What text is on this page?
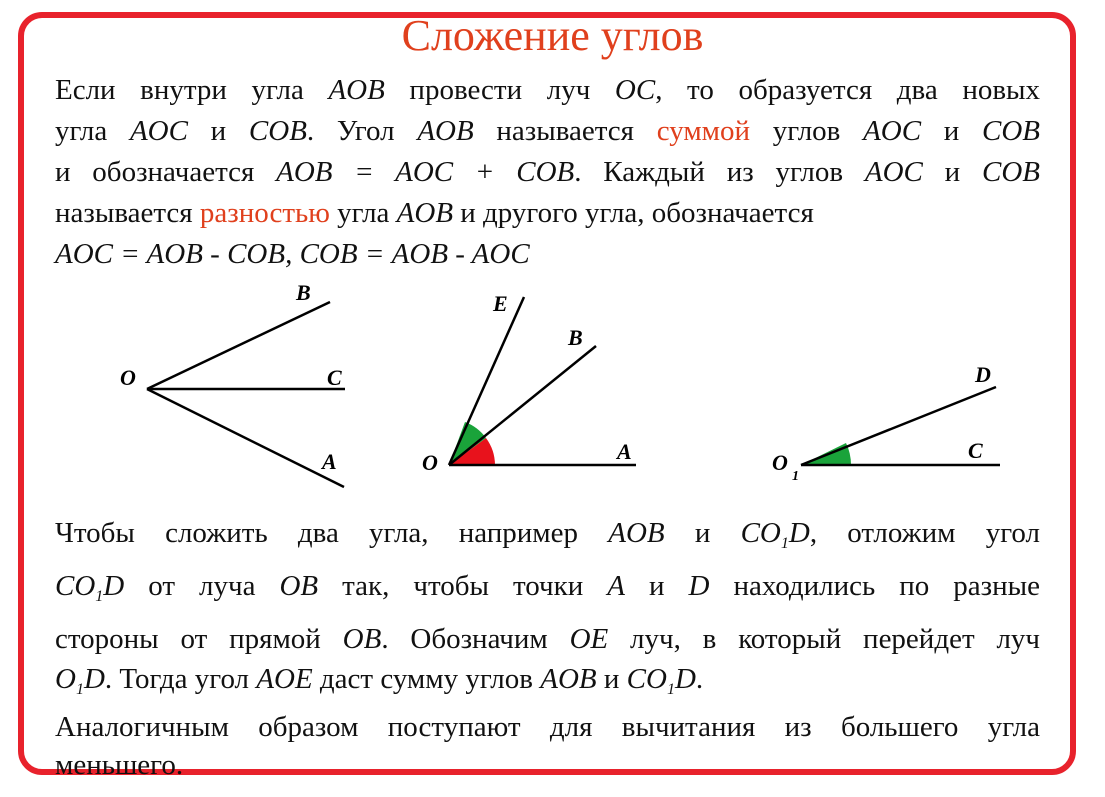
Сложение углов
Если внутри угла AOB провести луч OC, то образуется два новых
угла AOC и COB. Угол AOB называется суммой углов AOC и COB
и обозначается AOB = AOC + COB. Каждый из углов AOC и COB
называется разностью угла AOB и другого угла, обозначается
AOC = AOB - COB, COB = AOB - AOC
O
B
C
A
E
B
O	A
D
O
1
C
Чтобы сложить два угла, например AOB и $CO_1D$, отложим угол
$CO_1D$ от луча OB так, чтобы точки A и D находились по разные
стороны от прямой OB. Обозначим OE луч, в который перейдет луч
$O_1D$. Тогда угол AOE даст сумму углов AOB и $CO_1D$.
Аналогичным образом поступают для вычитания из большего угла
меньшего.
